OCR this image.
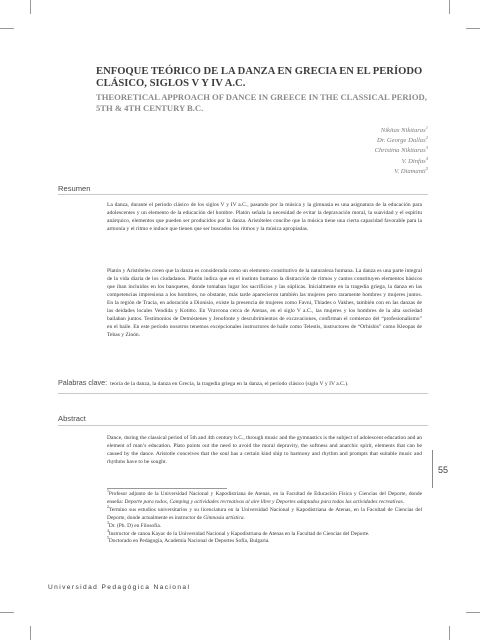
ENFOQUE TEÓRICO DE LA DANZA EN GRECIA EN EL PERÍODO CLÁSICO, SIGLOS V Y IV A.C.
THEORETICAL APPROACH OF DANCE IN GREECE IN THE CLASSICAL PERIOD, 5TH & 4TH CENTURY B.C.
Nikitas Nikitaras$^1$
Dr. George Dallas$^2$
Christina Nikitaras$^3$
V. Dinfas$^4$
V. Diamanti$^5$
Resumen
La danza, durante el período clásico de los siglos V y IV a.C., pasando por la música y la gimnasia es una asignatura de la educación para adolescentes y un elemento de la educación del hombre. Platón señala la necesidad de evitar la depravación moral, la suavidad y el espíritu anárquico, elementos que pueden ser producidos por la danza. Aristóteles concibe que la música tiene una cierta capacidad favorable para la armonía y el ritmo e induce que tienen que ser buscados los ritmos y la música apropiadas.
Platón y Aristóteles creen que la danza es considerada como un elemento constitutivo de la naturaleza humana. La danza es una parte integral de la vida diaria de los ciudadanos. Platón indica que en el instinto humano la distracción de ritmos y cantos constituyen elementos básicos que iban incluidos en los banquetes, donde tomaban lugar los sacrificios y las súplicas. Inicialmente en la tragedia griega, la danza en las competencias impresiona a los hombres, no obstante, más tarde aparecieron también las mujeres pero raramente hombres y mujeres juntos. En la región de Tracia, en adoración a Dionisio, existe la presencia de mujeres como Favni, Thiades o Vakhes, también con en las danzas de las deidades locales Vendida y Kotitto. En Vravrona cerca de Atenas, en el siglo V a.C., las mujeres y los hombres de la alta sociedad bailaban juntos. Testimonios de Demóstenes y Jenofonte y descubrimientos de excavaciones, confirman el comienzo del “profesionalismo” en el baile. En este período nosotros tenemos excepcionales instructores de baile como Telestis, instructores de “Orhishis” como Kleopas de Tebas y Zinón.
Palabras clave: teoría de la danza, la danza en Grecia, la tragedia griega en la danza, el período clásico (siglo V y IV a.C.).
Abstract
Dance, during the classical period of 5th and 4th century b.C., through music and the gymnastics is the subject of adolescent education and an element of man’s education. Plato points out the need to avoid the moral depravity, the softness and anarchic spirit, elements that can be caused by the dance. Aristotle conceives that the soul has a certain kind ship to harmony and rhythm and prompts that suitable music and rhythms have to be sought.
55

$^1$Profesor adjunto de la Universidad Nacional y Kapodistriana de Atenas, en la Facultad de Educación Física y Ciencias del Deporte, donde enseña: Deporte para todos, Camping y actividades recreativas al aire libre y Deportes adaptados para todas las actividades recreativas.

$^2$Termino sus estudios universitarios y su licenciatura en la Universidad Nacional y Kapodistriana de Atenas, en la Facultad de Ciencias del Deporte, donde actualmente es instructor de Gimnasia artística.

$^3$Dr. (Ph. D) en Filosofía.

$^4$Instructor de canoa Kayac de la Universidad Nacional y Kapodistriana de Atenas en la Facultad de Ciencias del Deporte.

$^5$Doctorado en Pedagogía, Academia Nacional de Deportes Sofía, Bulgaria.

Universidad Pedagógica Nacional
